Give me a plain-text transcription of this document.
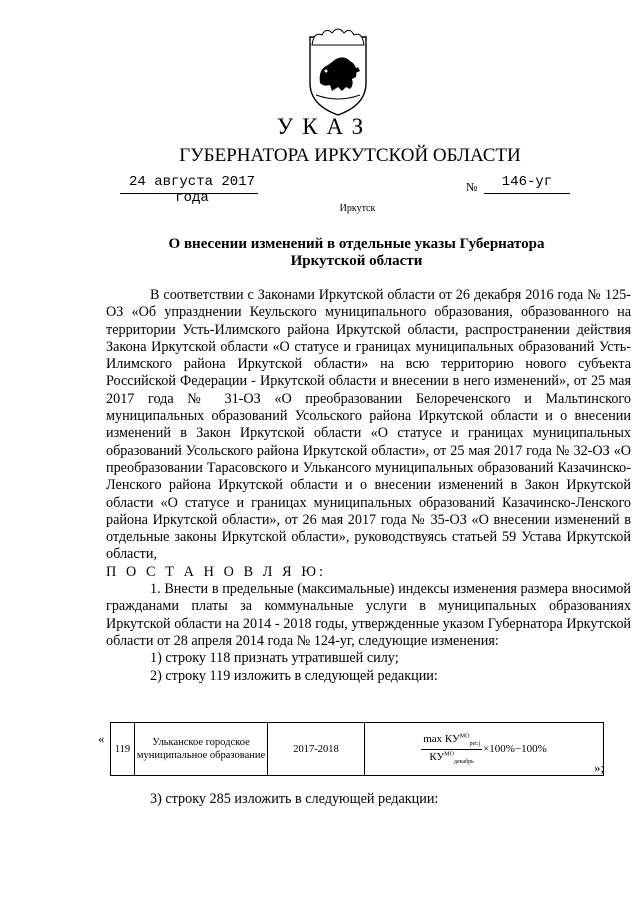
УКАЗ
ГУБЕРНАТОРА ИРКУТСКОЙ ОБЛАСТИ
24 августа 2017 года
№	146-уг
Иркутск
О внесении изменений в отдельные указы Губернатора
Иркутской области

В соответствии с Законами Иркутской области от 26 декабря 2016 года № 125-ОЗ «Об упразднении Кеульского муниципального образования, образованного на территории Усть-Илимского района Иркутской области, распространении действия Закона Иркутской области «О статусе и границах муниципальных образований Усть-Илимского района Иркутской области» на всю территорию нового субъекта Российской Федерации - Иркутской области и внесении в него изменений», от 25 мая 2017 года № 31-ОЗ «О преобразовании Белореченского и Мальтинского муниципальных образований Усольского района Иркутской области и о внесении изменений в Закон Иркутской области «О статусе и границах муниципальных образований Усольского района Иркутской области», от 25 мая 2017 года № 32-ОЗ «О преобразовании Тарасовского и Улькансого муниципальных образований Казачинско-Ленского района Иркутской области и о внесении изменений в Закон Иркутской области «О статусе и границах муниципальных образований Казачинско-Ленского района Иркутской области», от 26 мая 2017 года № 35-ОЗ «О внесении изменений в отдельные законы Иркутской области», руководствуясь статьей 59 Устава Иркутской области,

П О С Т А Н О В Л Я Ю:

1. Внести в предельные (максимальные) индексы изменения размера вносимой гражданами платы за коммунальные услуги в муниципальных образованиях Иркутской области на 2014 - 2018 годы, утвержденные указом Губернатора Иркутской области от 28 апреля 2014 года № 124-уг, следующие изменения:

1) строку 118 признать утратившей силу;

2) строку 119 изложить в следующей редакции:

«
119	Ульканское городское муниципальное образование	2017-2018	$\frac{\max КУ^{МО}_{рег.j}}{КУ^{МО}_{декабрь}} \times 100\%-100\%$
»;
3) строку 285 изложить в следующей редакции:
